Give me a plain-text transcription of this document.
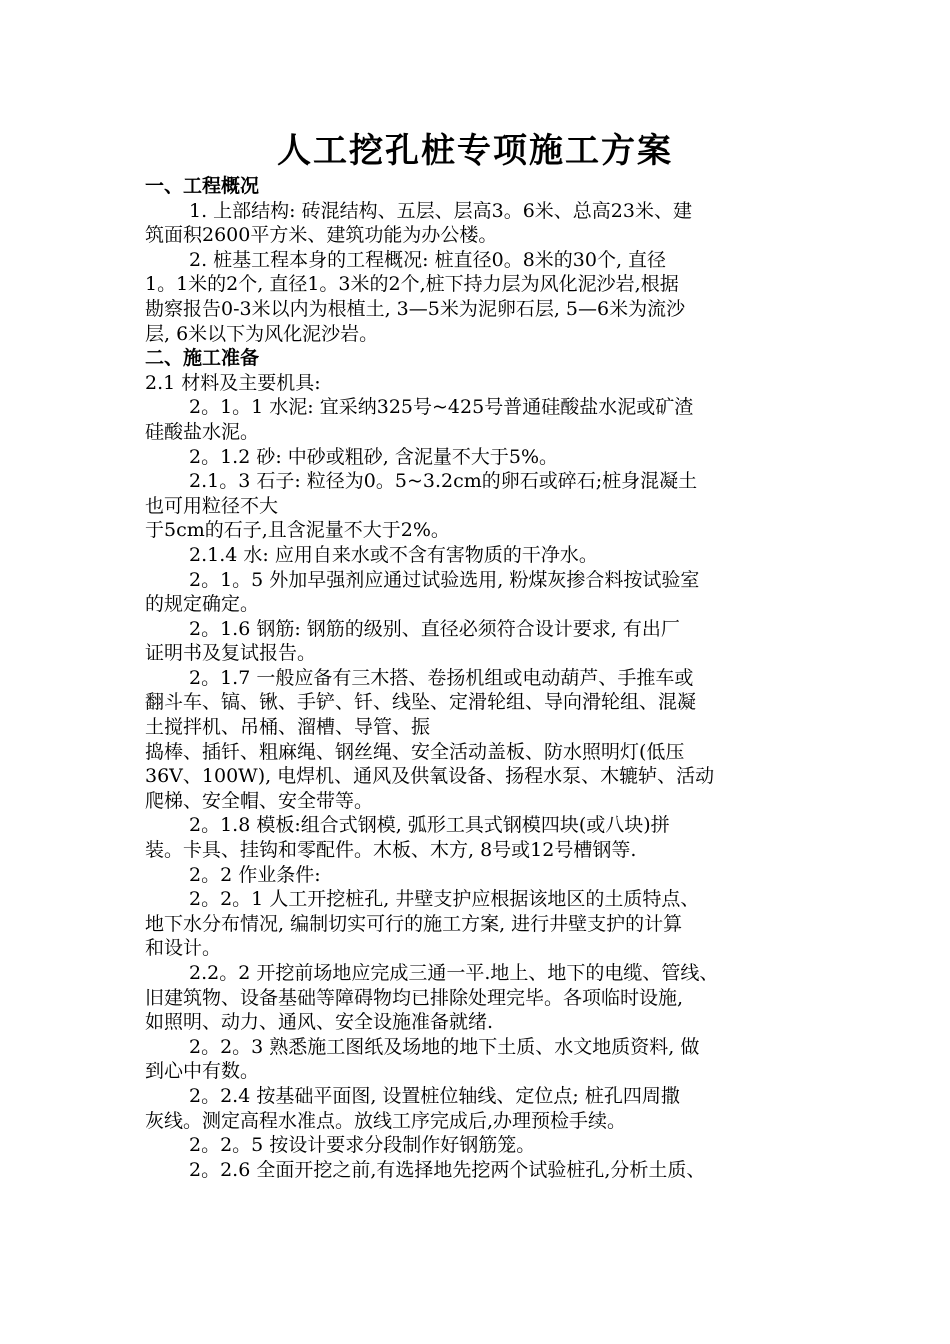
人工挖孔桩专项施工方案
一、工程概况
1. 上部结构: 砖混结构、五层、层高3。6米、总高23米、建
筑面积2600平方米、建筑功能为办公楼。
2. 桩基工程本身的工程概况: 桩直径0。8米的30个, 直径
1。1米的2个, 直径1。3米的2个,桩下持力层为风化泥沙岩,根据
勘察报告0-3米以内为根植土, 3—5米为泥卵石层, 5—6米为流沙
层, 6米以下为风化泥沙岩。
二、施工准备
2.1 材料及主要机具:
2。1。1 水泥: 宜采纳325号~425号普通硅酸盐水泥或矿渣
硅酸盐水泥。
2。1.2 砂: 中砂或粗砂, 含泥量不大于5%。
2.1。3 石子: 粒径为0。5~3.2cm的卵石或碎石;桩身混凝土
也可用粒径不大
于5cm的石子,且含泥量不大于2%。
2.1.4 水: 应用自来水或不含有害物质的干净水。
2。1。5 外加早强剂应通过试验选用, 粉煤灰掺合料按试验室
的规定确定。
2。1.6 钢筋: 钢筋的级别、直径必须符合设计要求, 有出厂
证明书及复试报告。
2。1.7 一般应备有三木搭、卷扬机组或电动葫芦、手推车或
翻斗车、镐、锹、手铲、钎、线坠、定滑轮组、导向滑轮组、混凝
土搅拌机、吊桶、溜槽、导管、振
捣棒、插钎、粗麻绳、钢丝绳、安全活动盖板、防水照明灯(低压
36V、100W), 电焊机、通风及供氧设备、扬程水泵、木辘轳、活动
爬梯、安全帽、安全带等。
2。1.8 模板:组合式钢模, 弧形工具式钢模四块(或八块)拼
装。卡具、挂钩和零配件。木板、木方, 8号或12号槽钢等.
2。2 作业条件:
2。2。1 人工开挖桩孔, 井壁支护应根据该地区的土质特点、
地下水分布情况, 编制切实可行的施工方案, 进行井壁支护的计算
和设计。
2.2。2 开挖前场地应完成三通一平.地上、地下的电缆、管线、
旧建筑物、设备基础等障碍物均已排除处理完毕。各项临时设施,
如照明、动力、通风、安全设施准备就绪.
2。2。3 熟悉施工图纸及场地的地下土质、水文地质资料, 做
到心中有数。
2。2.4 按基础平面图, 设置桩位轴线、定位点; 桩孔四周撒
灰线。测定高程水准点。放线工序完成后,办理预检手续。
2。2。5 按设计要求分段制作好钢筋笼。
2。2.6 全面开挖之前,有选择地先挖两个试验桩孔,分析土质、
